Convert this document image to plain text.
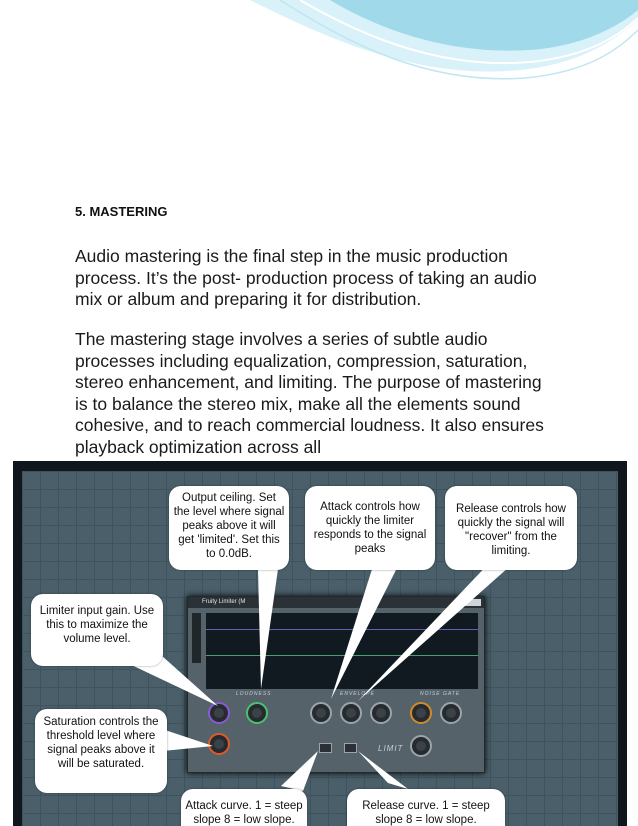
5. MASTERING

Audio mastering is the final step in the music production process. It’s the post- production process of taking an audio mix or album and preparing it for distribution.

The mastering stage involves a series of subtle audio processes including equalization, compression, saturation, stereo enhancement, and limiting. The purpose of mastering is to balance the stereo mix, make all the elements sound cohesive, and to reach commercial loudness. It also ensures playback optimization across all

Fruity Limiter (M
LOUDNESS	ENVELOPE	NOISE GATE
LIMIT
Output ceiling. Set the level where signal peaks above it will get 'limited'. Set this to 0.0dB.
Attack controls how quickly the limiter responds to the signal peaks
Release controls how quickly the signal will "recover" from the limiting.
Limiter input gain. Use this to maximize the volume level.
Saturation controls the threshold level where signal peaks above it will be saturated.
Attack curve. 1 = steep slope 8 = low slope.
Release curve. 1 = steep slope 8 = low slope.
